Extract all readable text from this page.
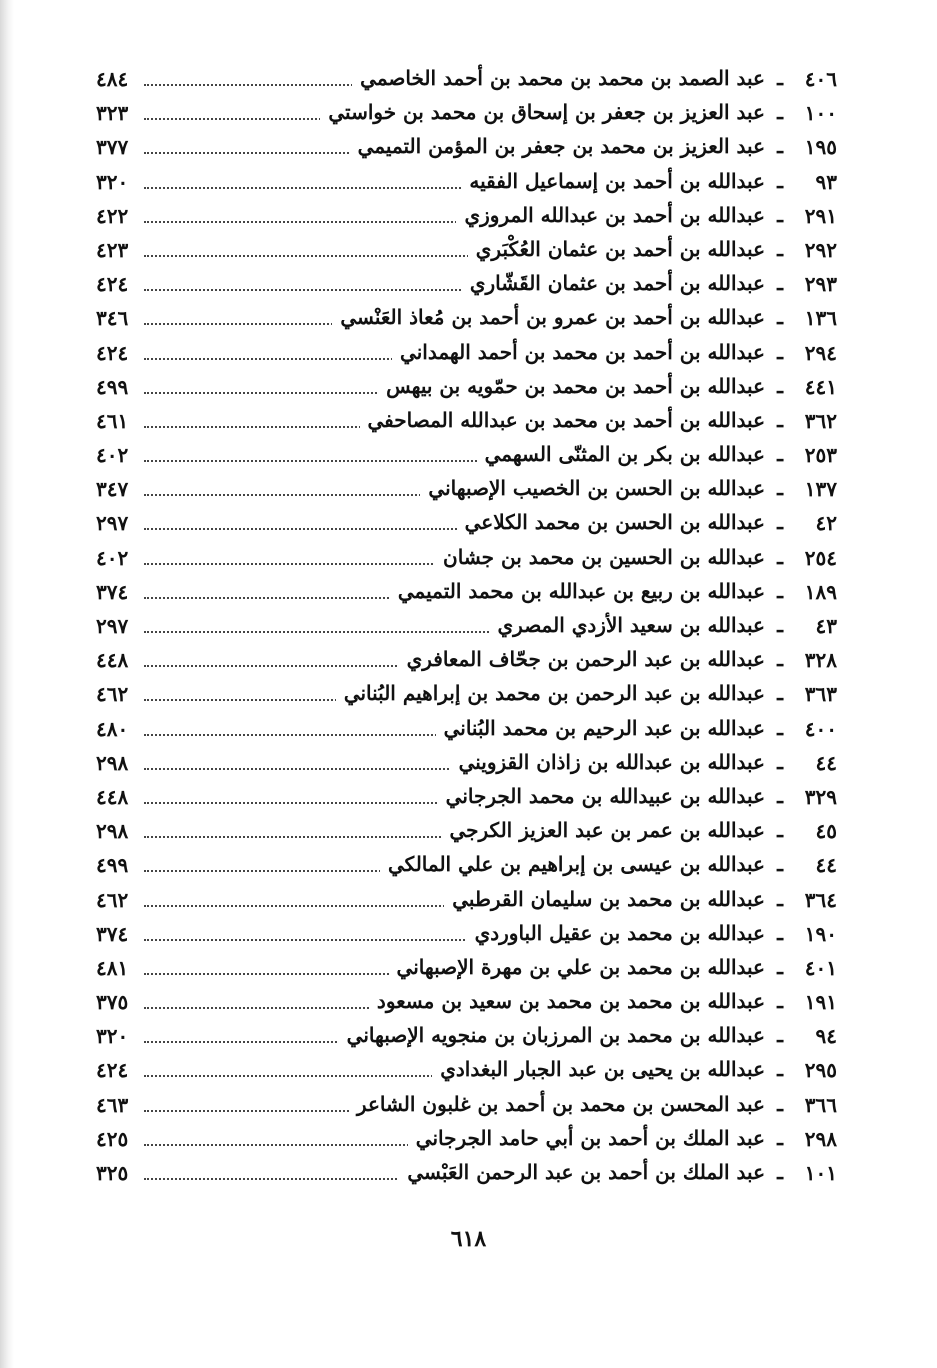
٤٠٦
ـ
عبد الصمد بن محمد بن محمد بن أحمد الخاصمي
٤٨٤
١٠٠
ـ
عبد العزيز بن جعفر بن إسحاق بن محمد بن خواستي
٣٢٣
١٩٥
ـ
عبد العزيز بن محمد بن جعفر بن المؤمن التميمي
٣٧٧
٩٣
ـ
عبدالله بن أحمد بن إسماعيل الفقيه
٣٢٠
٢٩١
ـ
عبدالله بن أحمد بن عبدالله المروزي
٤٢٢
٢٩٢
ـ
عبدالله بن أحمد بن عثمان العُكْبَري
٤٢٣
٢٩٣
ـ
عبدالله بن أحمد بن عثمان القَشّاري
٤٢٤
١٣٦
ـ
عبدالله بن أحمد بن عمرو بن أحمد بن مُعاذ العَنْسي
٣٤٦
٢٩٤
ـ
عبدالله بن أحمد بن محمد بن أحمد الهمداني
٤٢٤
٤٤١
ـ
عبدالله بن أحمد بن محمد بن حمّويه بن بيهس
٤٩٩
٣٦٢
ـ
عبدالله بن أحمد بن محمد بن عبدالله المصاحفي
٤٦١
٢٥٣
ـ
عبدالله بن بكر بن المثنّى السهمي
٤٠٢
١٣٧
ـ
عبدالله بن الحسن بن الخصيب الإصبهاني
٣٤٧
٤٢
ـ
عبدالله بن الحسن بن محمد الكلاعي
٢٩٧
٢٥٤
ـ
عبدالله بن الحسين بن محمد بن جشان
٤٠٢
١٨٩
ـ
عبدالله بن ربيع بن عبدالله بن محمد التميمي
٣٧٤
٤٣
ـ
عبدالله بن سعيد الأزدي المصري
٢٩٧
٣٢٨
ـ
عبدالله بن عبد الرحمن بن جحّاف المعافري
٤٤٨
٣٦٣
ـ
عبدالله بن عبد الرحمن بن محمد بن إبراهيم البُناني
٤٦٢
٤٠٠
ـ
عبدالله بن عبد الرحيم بن محمد البُناني
٤٨٠
٤٤
ـ
عبدالله بن عبدالله بن زاذان القزويني
٢٩٨
٣٢٩
ـ
عبدالله بن عبيدالله بن محمد الجرجاني
٤٤٨
٤٥
ـ
عبدالله بن عمر بن عبد العزيز الكرجي
٢٩٨
٤٤
ـ
عبدالله بن عيسى بن إبراهيم بن علي المالكي
٤٩٩
٣٦٤
ـ
عبدالله بن محمد بن سليمان القرطبي
٤٦٢
١٩٠
ـ
عبدالله بن محمد بن عقيل الباوردي
٣٧٤
٤٠١
ـ
عبدالله بن محمد بن علي بن مهرة الإصبهاني
٤٨١
١٩١
ـ
عبدالله بن محمد بن محمد بن سعيد بن مسعود
٣٧٥
٩٤
ـ
عبدالله بن محمد بن المرزبان بن منجويه الإصبهاني
٣٢٠
٢٩٥
ـ
عبدالله بن يحيى بن عبد الجبار البغدادي
٤٢٤
٣٦٦
ـ
عبد المحسن بن محمد بن أحمد بن غلبون الشاعر
٤٦٣
٢٩٨
ـ
عبد الملك بن أحمد بن أبي حامد الجرجاني
٤٢٥
١٠١
ـ
عبد الملك بن أحمد بن عبد الرحمن العَبْسي
٣٢٥
٦١٨
